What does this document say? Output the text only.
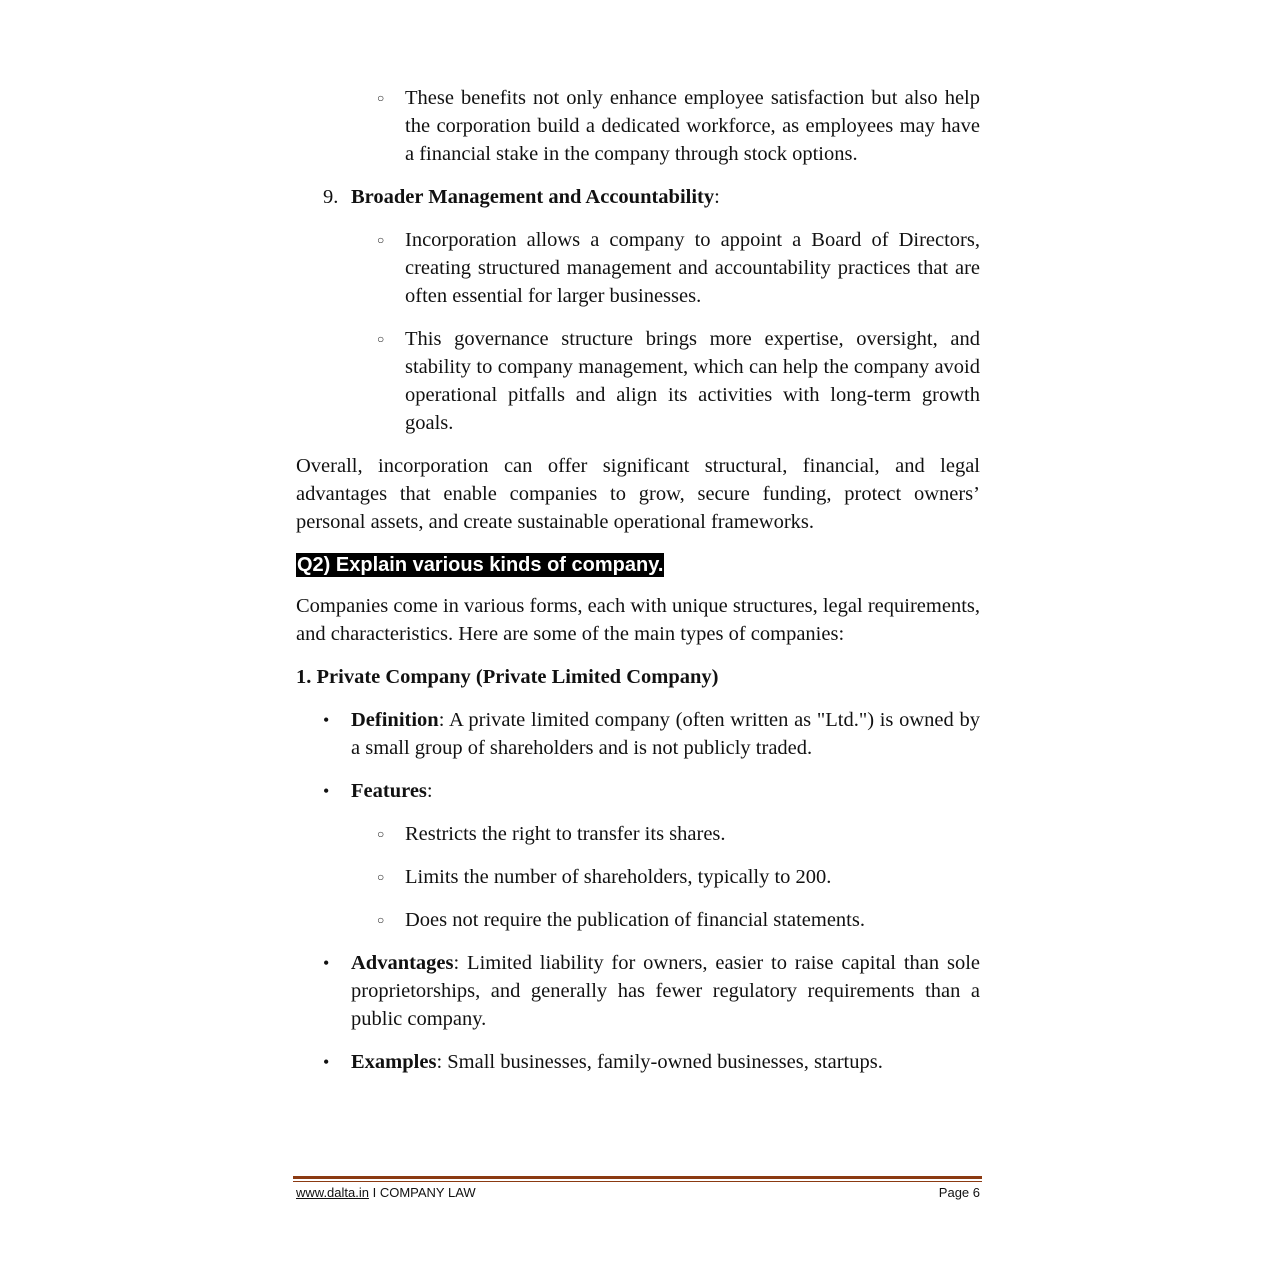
○ These benefits not only enhance employee satisfaction but also help the corporation build a dedicated workforce, as employees may have a financial stake in the company through stock options.
9. Broader Management and Accountability:
○ Incorporation allows a company to appoint a Board of Directors, creating structured management and accountability practices that are often essential for larger businesses.
○ This governance structure brings more expertise, oversight, and stability to company management, which can help the company avoid operational pitfalls and align its activities with long-term growth goals.
Overall, incorporation can offer significant structural, financial, and legal advantages that enable companies to grow, secure funding, protect owners’ personal assets, and create sustainable operational frameworks.
Q2) Explain various kinds of company.
Companies come in various forms, each with unique structures, legal requirements, and characteristics. Here are some of the main types of companies:
1. Private Company (Private Limited Company)
• Definition: A private limited company (often written as "Ltd.") is owned by a small group of shareholders and is not publicly traded.
• Features:
○ Restricts the right to transfer its shares.
○ Limits the number of shareholders, typically to 200.
○ Does not require the publication of financial statements.
• Advantages: Limited liability for owners, easier to raise capital than sole proprietorships, and generally has fewer regulatory requirements than a public company.
• Examples: Small businesses, family-owned businesses, startups.
www.dalta.in I COMPANY LAW	Page 6
